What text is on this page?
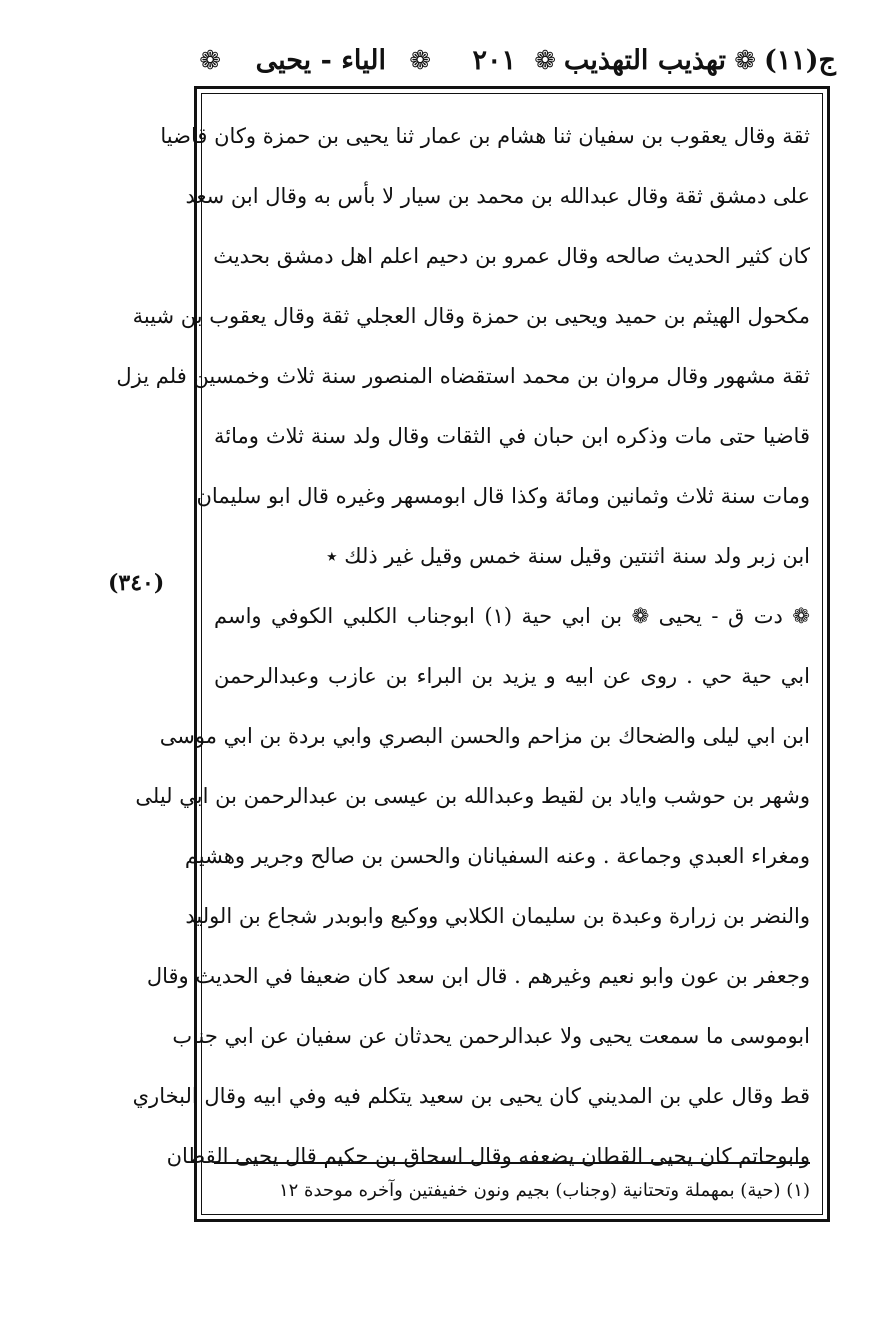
ج(١١)
❁
تهذيب التهذيب
❁
٢٠١
❁
الياء - يحيى
❁
(٣٤٠)
ثقة وقال يعقوب بن سفيان ثنا هشام بن عمار ثنا يحيى بن حمزة وكان قاضيا
على دمشق ثقة وقال عبدالله بن محمد بن سيار لا بأس به وقال ابن سعد
كان كثير الحديث صالحه وقال عمرو بن دحيم اعلم اهل دمشق بحديث
مكحول الهيثم بن حميد ويحيى بن حمزة وقال العجلي ثقة وقال يعقوب بن شيبة
ثقة مشهور وقال مروان بن محمد استقضاه المنصور سنة ثلاث وخمسين فلم يزل
قاضيا حتى مات وذكره ابن حبان في الثقات وقال ولد سنة ثلاث ومائة
ومات سنة ثلاث وثمانين ومائة وكذا قال ابومسهر وغيره قال ابو سليمان
ابن زبر ولد سنة اثنتين وقيل سنة خمس وقيل غير ذلك ٭
❁ دت ق - يحيى ❁ بن ابي حية (١) ابوجناب الكلبي الكوفي واسم
ابي حية حي . روى عن ابيه و يزيد بن البراء بن عازب وعبدالرحمن
ابن ابي ليلى والضحاك بن مزاحم والحسن البصري وابي بردة بن ابي موسى
وشهر بن حوشب واياد بن لقيط وعبدالله بن عيسى بن عبدالرحمن بن ابي ليلى
ومغراء العبدي وجماعة . وعنه السفيانان والحسن بن صالح وجرير وهشيم
والنضر بن زرارة وعبدة بن سليمان الكلابي ووكيع وابوبدر شجاع بن الوليد
وجعفر بن عون وابو نعيم وغيرهم . قال ابن سعد كان ضعيفا في الحديث وقال
ابوموسى ما سمعت يحيى ولا عبدالرحمن يحدثان عن سفيان عن ابي جناب
قط وقال علي بن المديني كان يحيى بن سعيد يتكلم فيه وفي ابيه وقال البخاري
وابوحاتم كان يحيى القطان يضعفه وقال اسحاق بن حكيم قال يحيى القطان
(١) (حية) بمهملة وتحتانية (وجناب) بجيم ونون خفيفتين وآخره موحدة ١٢
